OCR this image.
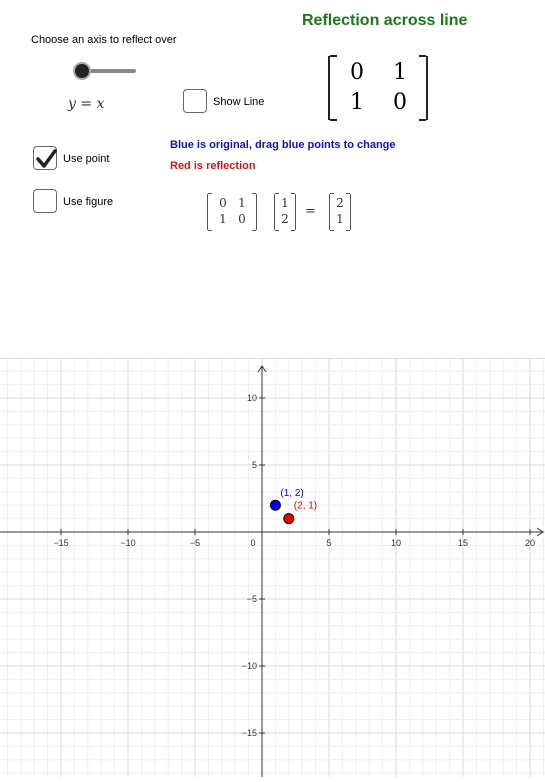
Reflection across line
Choose an axis to reflect over
y = x	Show Line
Use point
Use figure
Blue is original, drag blue points to change
Red is reflection
0	1
1	0
0 1
1 0
1
2 =
2
1
−15	−10	−5	0	5	10	15	20
10
5
−5
−10
−15
(1, 2)
(2, 1)
